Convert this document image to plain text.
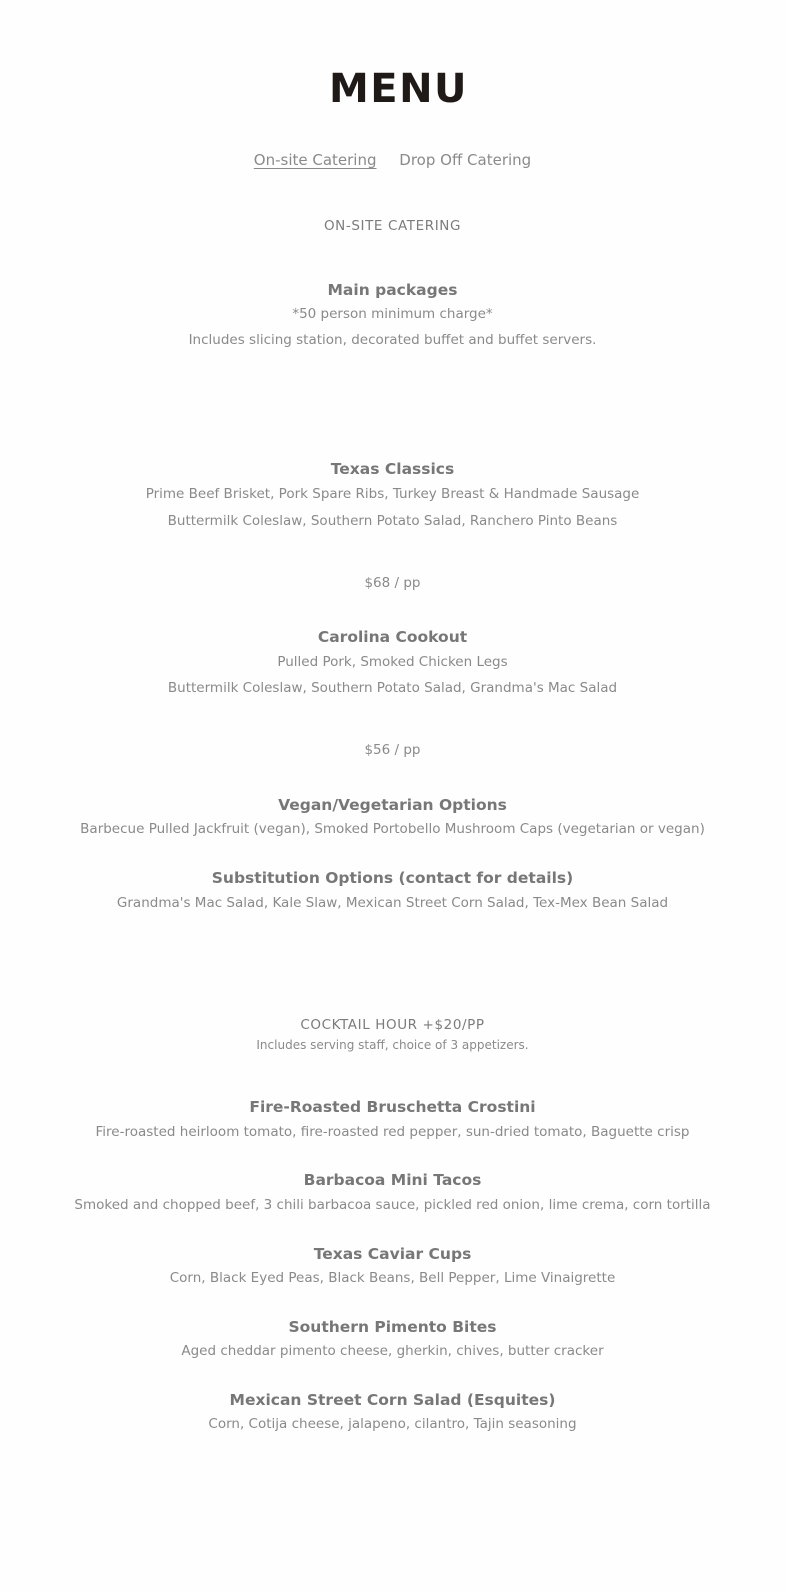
MENU
On-site Catering Drop Off Catering
ON-SITE CATERING
Main packages
*50 person minimum charge*
Includes slicing station, decorated buffet and buffet servers.
Texas Classics
Prime Beef Brisket, Pork Spare Ribs, Turkey Breast & Handmade Sausage
Buttermilk Coleslaw, Southern Potato Salad, Ranchero Pinto Beans
$68 / pp
Carolina Cookout
Pulled Pork, Smoked Chicken Legs
Buttermilk Coleslaw, Southern Potato Salad, Grandma's Mac Salad
$56 / pp
Vegan/Vegetarian Options
Barbecue Pulled Jackfruit (vegan), Smoked Portobello Mushroom Caps (vegetarian or vegan)
Substitution Options (contact for details)
Grandma's Mac Salad, Kale Slaw, Mexican Street Corn Salad, Tex-Mex Bean Salad
COCKTAIL HOUR +$20/PP
Includes serving staff, choice of 3 appetizers.
Fire-Roasted Bruschetta Crostini
Fire-roasted heirloom tomato, fire-roasted red pepper, sun-dried tomato, Baguette crisp
Barbacoa Mini Tacos
Smoked and chopped beef, 3 chili barbacoa sauce, pickled red onion, lime crema, corn tortilla
Texas Caviar Cups
Corn, Black Eyed Peas, Black Beans, Bell Pepper, Lime Vinaigrette
Southern Pimento Bites
Aged cheddar pimento cheese, gherkin, chives, butter cracker
Mexican Street Corn Salad (Esquites)
Corn, Cotija cheese, jalapeno, cilantro, Tajin seasoning
